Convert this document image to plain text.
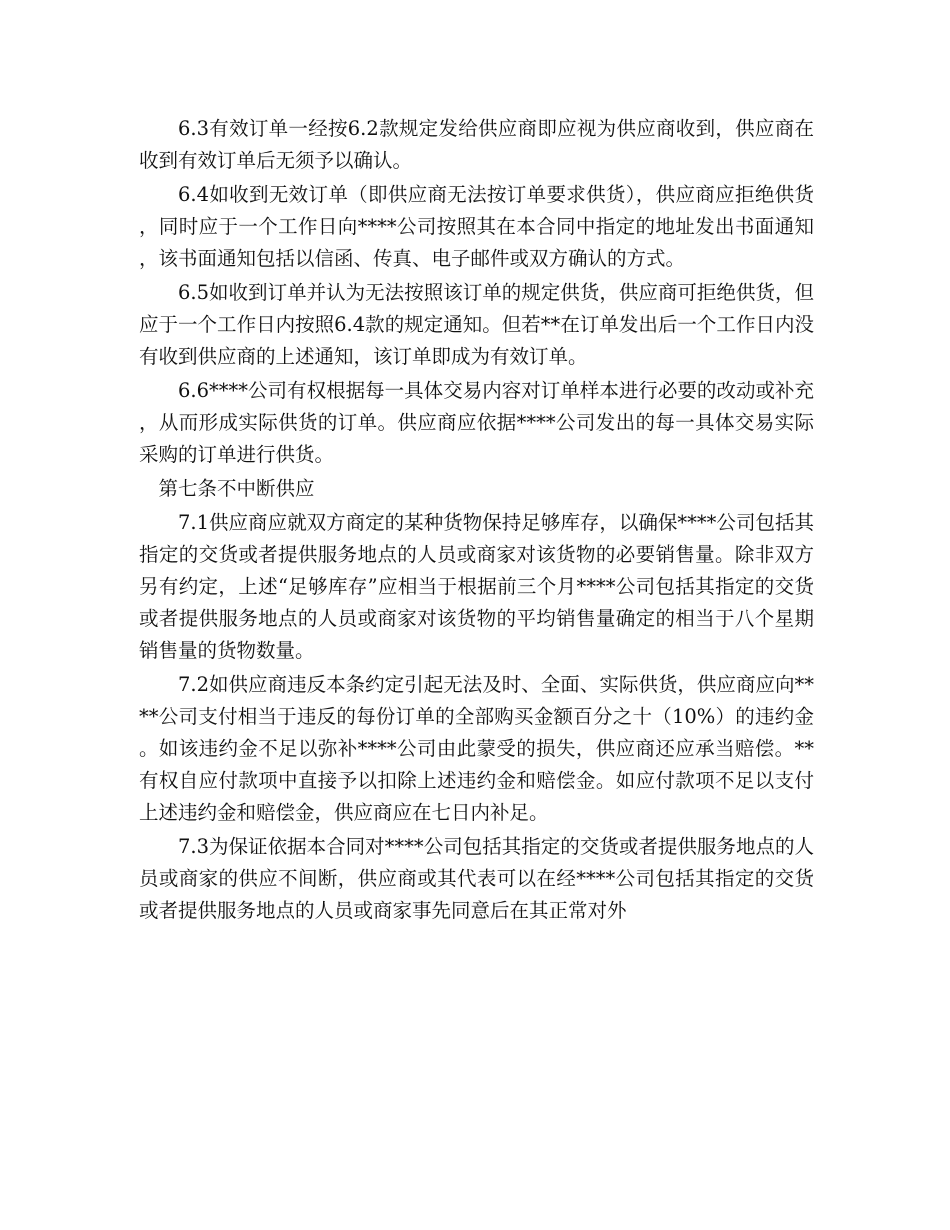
6.3有效订单一经按6.2款规定发给供应商即应视为供应商收到，供应商在收到有效订单后无须予以确认。

6.4如收到无效订单（即供应商无法按订单要求供货），供应商应拒绝供货，同时应于一个工作日向****公司按照其在本合同中指定的地址发出书面通知，该书面通知包括以信函、传真、电子邮件或双方确认的方式。

6.5如收到订单并认为无法按照该订单的规定供货，供应商可拒绝供货，但应于一个工作日内按照6.4款的规定通知。但若**在订单发出后一个工作日内没有收到供应商的上述通知，该订单即成为有效订单。

6.6****公司有权根据每一具体交易内容对订单样本进行必要的改动或补充，从而形成实际供货的订单。供应商应依据****公司发出的每一具体交易实际采购的订单进行供货。

第七条不中断供应

7.1供应商应就双方商定的某种货物保持足够库存，以确保****公司包括其指定的交货或者提供服务地点的人员或商家对该货物的必要销售量。除非双方另有约定，上述“足够库存”应相当于根据前三个月****公司包括其指定的交货或者提供服务地点的人员或商家对该货物的平均销售量确定的相当于八个星期销售量的货物数量。

7.2如供应商违反本条约定引起无法及时、全面、实际供货，供应商应向****公司支付相当于违反的每份订单的全部购买金额百分之十（10%）的违约金。如该违约金不足以弥补****公司由此蒙受的损失，供应商还应承当赔偿。**有权自应付款项中直接予以扣除上述违约金和赔偿金。如应付款项不足以支付上述违约金和赔偿金，供应商应在七日内补足。

7.3为保证依据本合同对****公司包括其指定的交货或者提供服务地点的人员或商家的供应不间断，供应商或其代表可以在经****公司包括其指定的交货或者提供服务地点的人员或商家事先同意后在其正常对外
